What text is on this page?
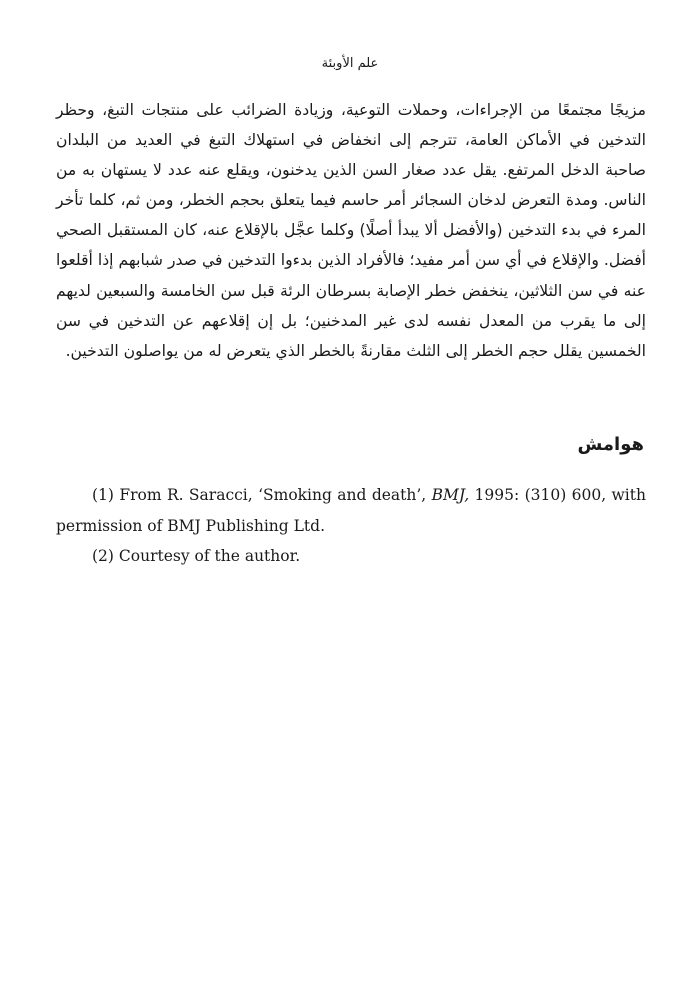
علم الأوبئة

مزيجًا مجتمعًا من الإجراءات، وحملات التوعية، وزيادة الضرائب على منتجات التبغ، وحظر التدخين في الأماكن العامة، تترجم إلى انخفاض في استهلاك التبغ في العديد من البلدان صاحبة الدخل المرتفع. يقل عدد صغار السن الذين يدخنون، ويقلع عنه عدد لا يستهان به من الناس. ومدة التعرض لدخان السجائر أمر حاسم فيما يتعلق بحجم الخطر، ومن ثم، كلما تأخر المرء في بدء التدخين (والأفضل ألا يبدأ أصلًا) وكلما عجَّل بالإقلاع عنه، كان المستقبل الصحي أفضل. والإقلاع في أي سن أمر مفيد؛ فالأفراد الذين بدءوا التدخين في صدر شبابهم إذا أقلعوا عنه في سن الثلاثين، ينخفض خطر الإصابة بسرطان الرئة قبل سن الخامسة والسبعين لديهم إلى ما يقرب من المعدل نفسه لدى غير المدخنين؛ بل إن إقلاعهم عن التدخين في سن الخمسين يقلل حجم الخطر إلى الثلث مقارنةً بالخطر الذي يتعرض له من يواصلون التدخين.

هوامش
(1) From R. Saracci, ‘Smoking and death’, BMJ, 1995: (310) 600, with permission of BMJ Publishing Ltd.
(2) Courtesy of the author.
